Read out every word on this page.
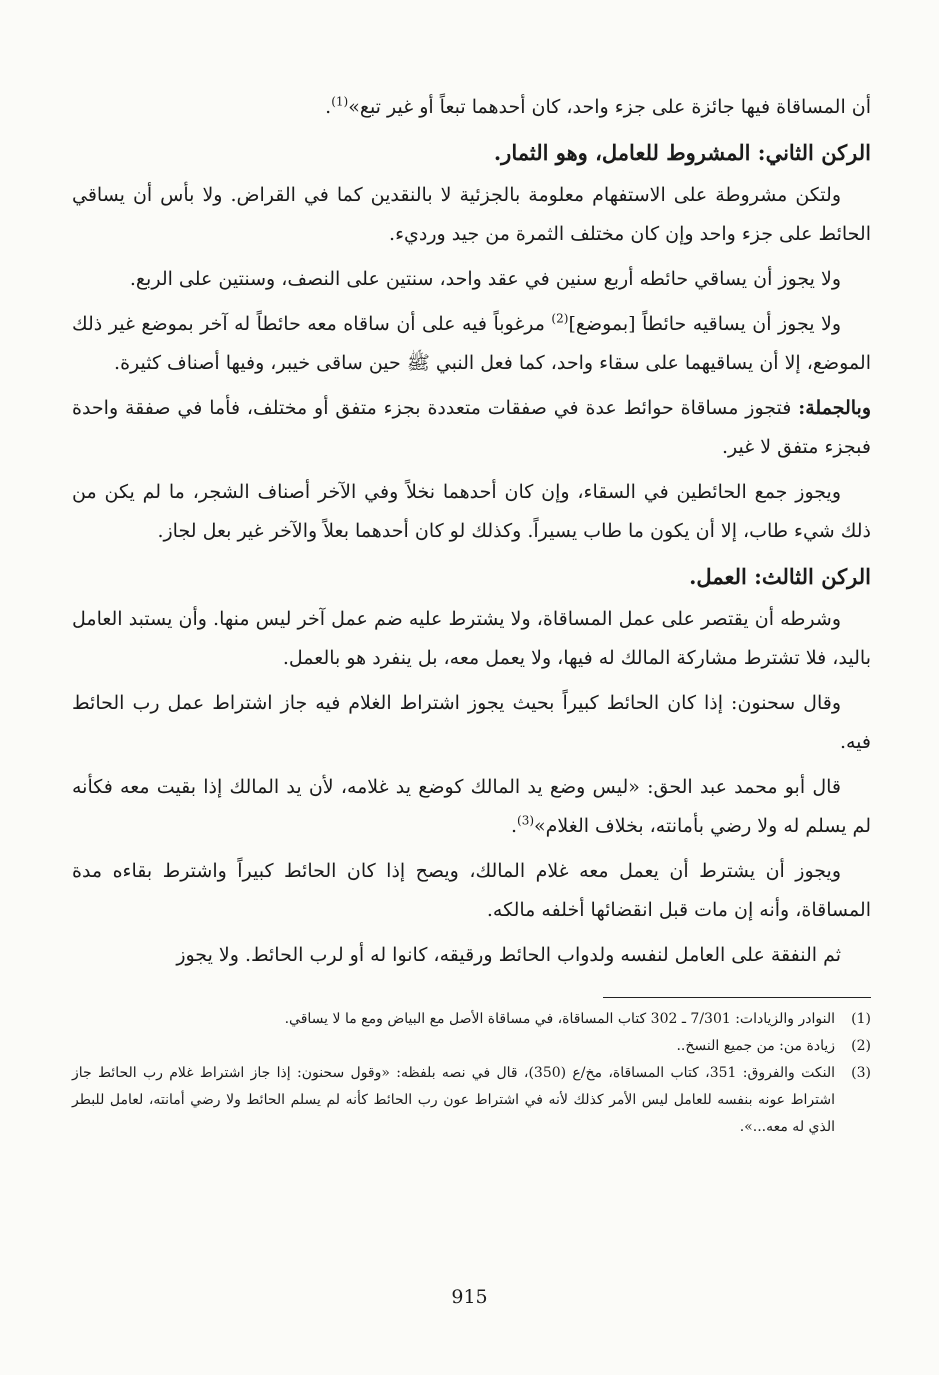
أن المساقاة فيها جائزة على جزء واحد، كان أحدهما تبعاً أو غير تبع»$^{(1)}$.

الركن الثاني: المشروط للعامل، وهو الثمار.

ولتكن مشروطة على الاستفهام معلومة بالجزئية لا بالنقدين كما في القراض. ولا بأس أن يساقي الحائط على جزء واحد وإن كان مختلف الثمرة من جيد ورديء.

ولا يجوز أن يساقي حائطه أربع سنين في عقد واحد، سنتين على النصف، وسنتين على الربع.

ولا يجوز أن يساقيه حائطاً [بموضع]$^{(2)}$ مرغوباً فيه على أن ساقاه معه حائطاً له آخر بموضع غير ذلك الموضع، إلا أن يساقيهما على سقاء واحد، كما فعل النبي ﷺ حين ساقى خيبر، وفيها أصناف كثيرة.

وبالجملة: فتجوز مساقاة حوائط عدة في صفقات متعددة بجزء متفق أو مختلف، فأما في صفقة واحدة فبجزء متفق لا غير.

ويجوز جمع الحائطين في السقاء، وإن كان أحدهما نخلاً وفي الآخر أصناف الشجر، ما لم يكن من ذلك شيء طاب، إلا أن يكون ما طاب يسيراً. وكذلك لو كان أحدهما بعلاً والآخر غير بعل لجاز.

الركن الثالث: العمل.

وشرطه أن يقتصر على عمل المساقاة، ولا يشترط عليه ضم عمل آخر ليس منها. وأن يستبد العامل باليد، فلا تشترط مشاركة المالك له فيها، ولا يعمل معه، بل ينفرد هو بالعمل.

وقال سحنون: إذا كان الحائط كبيراً بحيث يجوز اشتراط الغلام فيه جاز اشتراط عمل رب الحائط فيه.

قال أبو محمد عبد الحق: «ليس وضع يد المالك كوضع يد غلامه، لأن يد المالك إذا بقيت معه فكأنه لم يسلم له ولا رضي بأمانته، بخلاف الغلام»$^{(3)}$.

ويجوز أن يشترط أن يعمل معه غلام المالك، ويصح إذا كان الحائط كبيراً واشترط بقاءه مدة المساقاة، وأنه إن مات قبل انقضائها أخلفه مالكه.

ثم النفقة على العامل لنفسه ولدواب الحائط ورقيقه، كانوا له أو لرب الحائط. ولا يجوز

(1)
النوادر والزيادات: 7/301 ـ 302 كتاب المساقاة، في مساقاة الأصل مع البياض ومع ما لا يساقي.
(2)
زيادة من: من جميع النسخ..
(3)
النكت والفروق: 351، كتاب المساقاة، مخ/ع (350)، قال في نصه بلفظه: «وقول سحنون: إذا جاز اشتراط غلام رب الحائط جاز اشتراط عونه بنفسه للعامل ليس الأمر كذلك لأنه في اشتراط عون رب الحائط كأنه لم يسلم الحائط ولا رضي أمانته، لعامل للبطر الذي له معه...».
915
